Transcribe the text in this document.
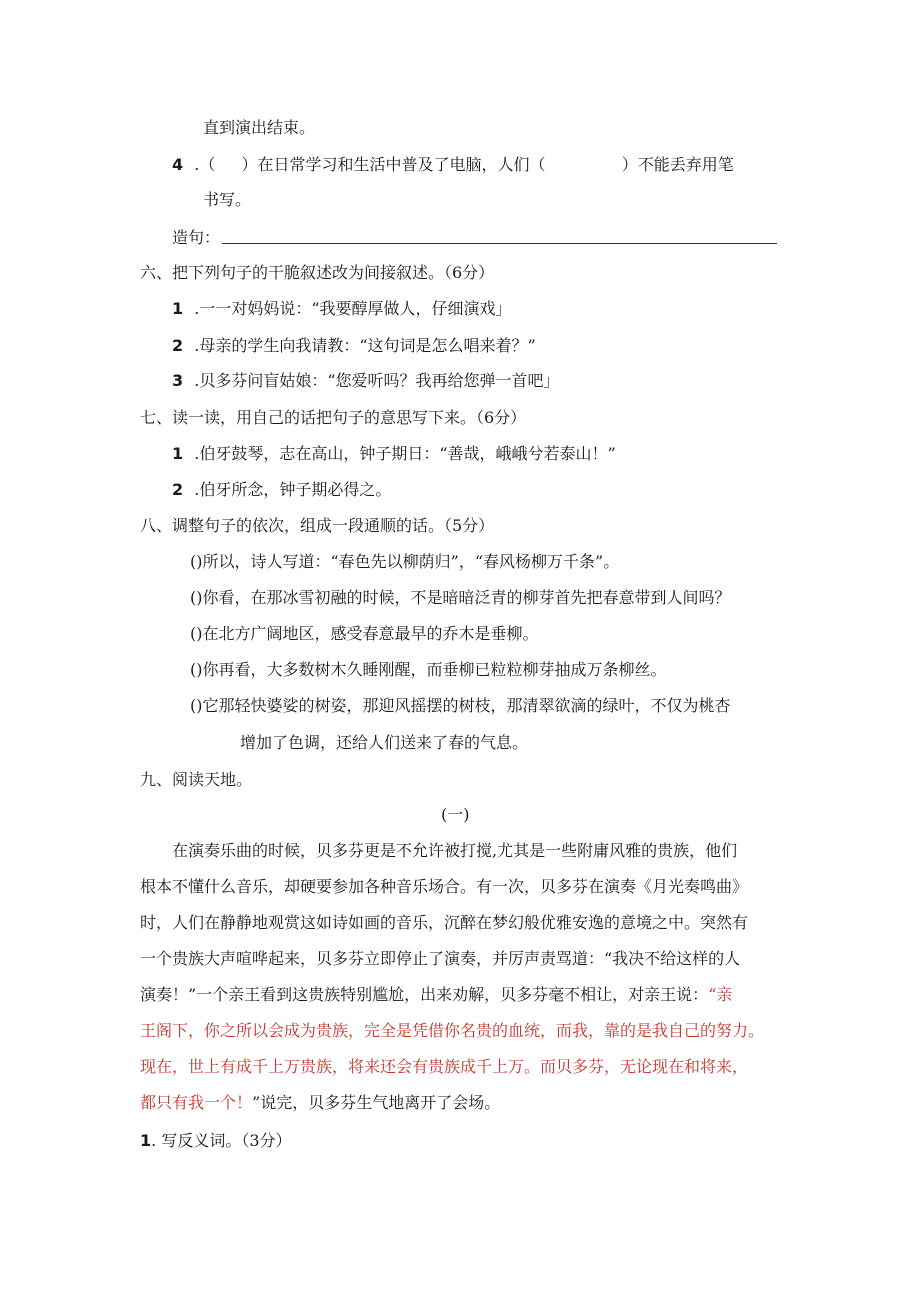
直到演出结束。
4 .（ ）在日常学习和生活中普及了电脑，人们（	）不能丢弃用笔
书写。
造句：
六、把下列句子的干脆叙述改为间接叙述。（6分）
1 .一一对妈妈说：“我要醇厚做人，仔细演戏」
2 .母亲的学生向我请教：“这句词是怎么唱来着？”
3 .贝多芬问盲姑娘：“您爱听吗？我再给您弹一首吧」
七、读一读，用自己的话把句子的意思写下来。（6分）
1 .伯牙鼓琴，志在高山，钟子期日：“善哉，峨峨兮若泰山！”
2 .伯牙所念，钟子期必得之。
八、调整句子的依次，组成一段通顺的话。（5分）
()所以，诗人写道：“春色先以柳荫归”，“春风杨柳万千条”。
()你看，在那冰雪初融的时候，不是暗暗泛青的柳芽首先把春意带到人间吗？
()在北方广阔地区，感受春意最早的乔木是垂柳。
()你再看，大多数树木久睡刚醒，而垂柳已粒粒柳芽抽成万条柳丝。
()它那轻快婆娑的树姿，那迎风摇摆的树枝，那清翠欲滴的绿叶，不仅为桃杏
增加了色调，还给人们送来了春的气息。
九、阅读天地。
(一)
在演奏乐曲的时候，贝多芬更是不允许被打搅,尤其是一些附庸风雅的贵族，他们
根本不懂什么音乐，却硬要参加各种音乐场合。有一次，贝多芬在演奏《月光奏鸣曲》
时，人们在静静地观赏这如诗如画的音乐，沉醉在梦幻般优雅安逸的意境之中。突然有
一个贵族大声喧哗起来，贝多芬立即停止了演奏，并厉声责骂道：“我决不给这样的人
演奏！”一个亲王看到这贵族特别尴尬，出来劝解，贝多芬毫不相让，对亲王说：“亲
王阁下，你之所以会成为贵族，完全是凭借你名贵的血统，而我，靠的是我自己的努力。
现在，世上有成千上万贵族，将来还会有贵族成千上万。而贝多芬，无论现在和将来，
都只有我一个！”说完，贝多芬生气地离开了会场。
1. 写反义词。（3分）
